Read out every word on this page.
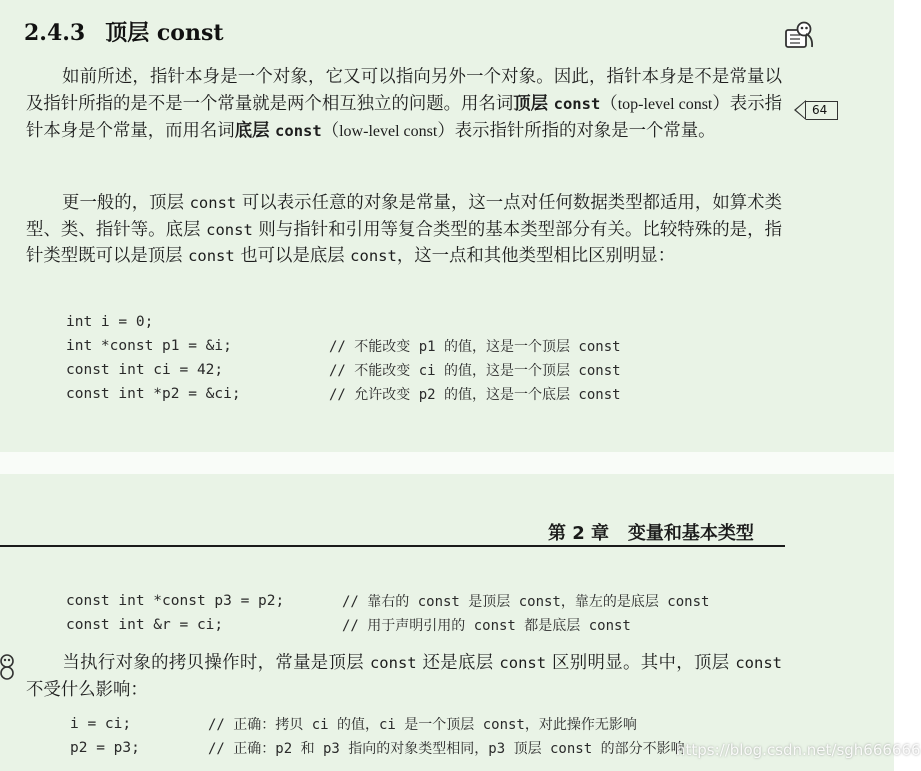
2.4.3 顶层 const
64

如前所述，指针本身是一个对象，它又可以指向另外一个对象。因此，指针本身是不是常量以及指针所指的是不是一个常量就是两个相互独立的问题。用名词顶层 const（top-level const）表示指针本身是个常量，而用名词底层 const（low-level const）表示指针所指的对象是一个常量。

更一般的，顶层 const 可以表示任意的对象是常量，这一点对任何数据类型都适用，如算术类型、类、指针等。底层 const 则与指针和引用等复合类型的基本类型部分有关。比较特殊的是，指针类型既可以是顶层 const 也可以是底层 const，这一点和其他类型相比区别明显：

int i = 0;
int *const p1 = &i;	// 不能改变 p1 的值，这是一个顶层 const
const int ci = 42;	// 不能改变 ci 的值，这是一个顶层 const
const int *p2 = &ci;	// 允许改变 p2 的值，这是一个底层 const
第 2 章   变量和基本类型
const int *const p3 = p2;	// 靠右的 const 是顶层 const，靠左的是底层 const
const int &r = ci;	// 用于声明引用的 const 都是底层 const

当执行对象的拷贝操作时，常量是顶层 const 还是底层 const 区别明显。其中，顶层 const 不受什么影响：

i = ci;	// 正确：拷贝 ci 的值，ci 是一个顶层 const，对此操作无影响
p2 = p3;	// 正确：p2 和 p3 指向的对象类型相同，p3 顶层 const 的部分不影响
https://blog.csdn.net/sgh666666
